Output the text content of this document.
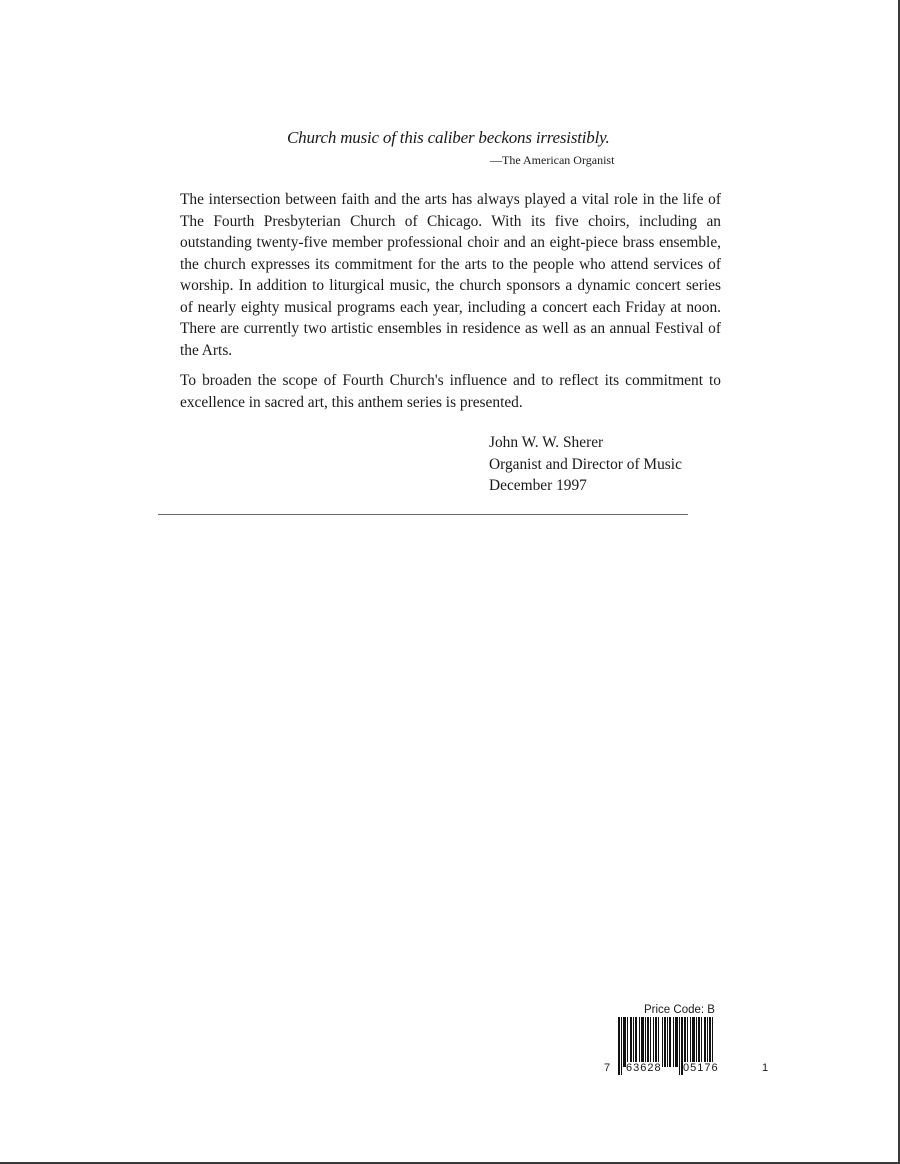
Church music of this caliber beckons irresistibly.
—The American Organist

The intersection between faith and the arts has always played a vital role in the life of The Fourth Presbyterian Church of Chicago. With its five choirs, including an outstanding twenty-five member professional choir and an eight-piece brass ensemble, the church expresses its commitment for the arts to the people who attend services of worship. In addition to liturgical music, the church sponsors a dynamic concert series of nearly eighty musical programs each year, including a concert each Friday at noon. There are currently two artistic ensembles in residence as well as an annual Festival of the Arts.

To broaden the scope of Fourth Church's influence and to reflect its commitment to excellence in sacred art, this anthem series is presented.

John W. W. Sherer
Organist and Director of Music
December 1997
Price Code: B
7 63628 05176	1
